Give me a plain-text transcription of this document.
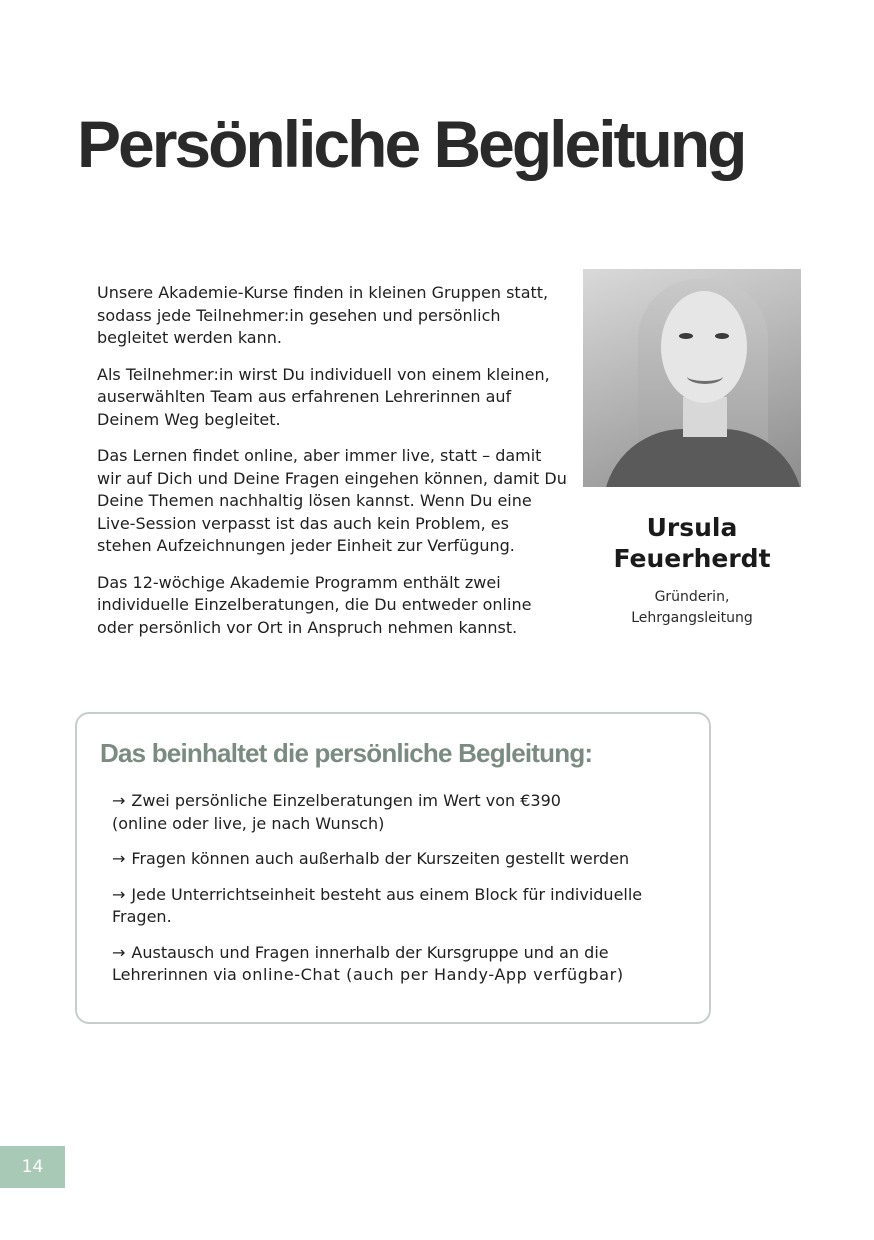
Persönliche Begleitung

Unsere Akademie-Kurse finden in kleinen Gruppen statt, sodass jede Teilnehmer:in gesehen und persönlich begleitet werden kann.

Als Teilnehmer:in wirst Du individuell von einem kleinen, auserwählten Team aus erfahrenen Lehrerinnen auf Deinem Weg begleitet.

Das Lernen findet online, aber immer live, statt – damit wir auf Dich und Deine Fragen eingehen können, damit Du Deine Themen nachhaltig lösen kannst. Wenn Du eine Live-Session verpasst ist das auch kein Problem, es stehen Aufzeichnungen jeder Einheit zur Verfügung.

Das 12-wöchige Akademie Programm enthält zwei individuelle Einzelberatungen, die Du entweder online oder persönlich vor Ort in Anspruch nehmen kannst.

Ursula
Feuerherdt
Gründerin,
Lehrgangsleitung
Das beinhaltet die persönliche Begleitung:
→ Zwei persönliche Einzelberatungen im Wert von €390
(online oder live, je nach Wunsch)
→ Fragen können auch außerhalb der Kurszeiten gestellt werden
→ Jede Unterrichtseinheit besteht aus einem Block für individuelle Fragen.
→ Austausch und Fragen innerhalb der Kursgruppe und an die Lehrerinnen via online-Chat (auch per Handy-App verfügbar)
14
